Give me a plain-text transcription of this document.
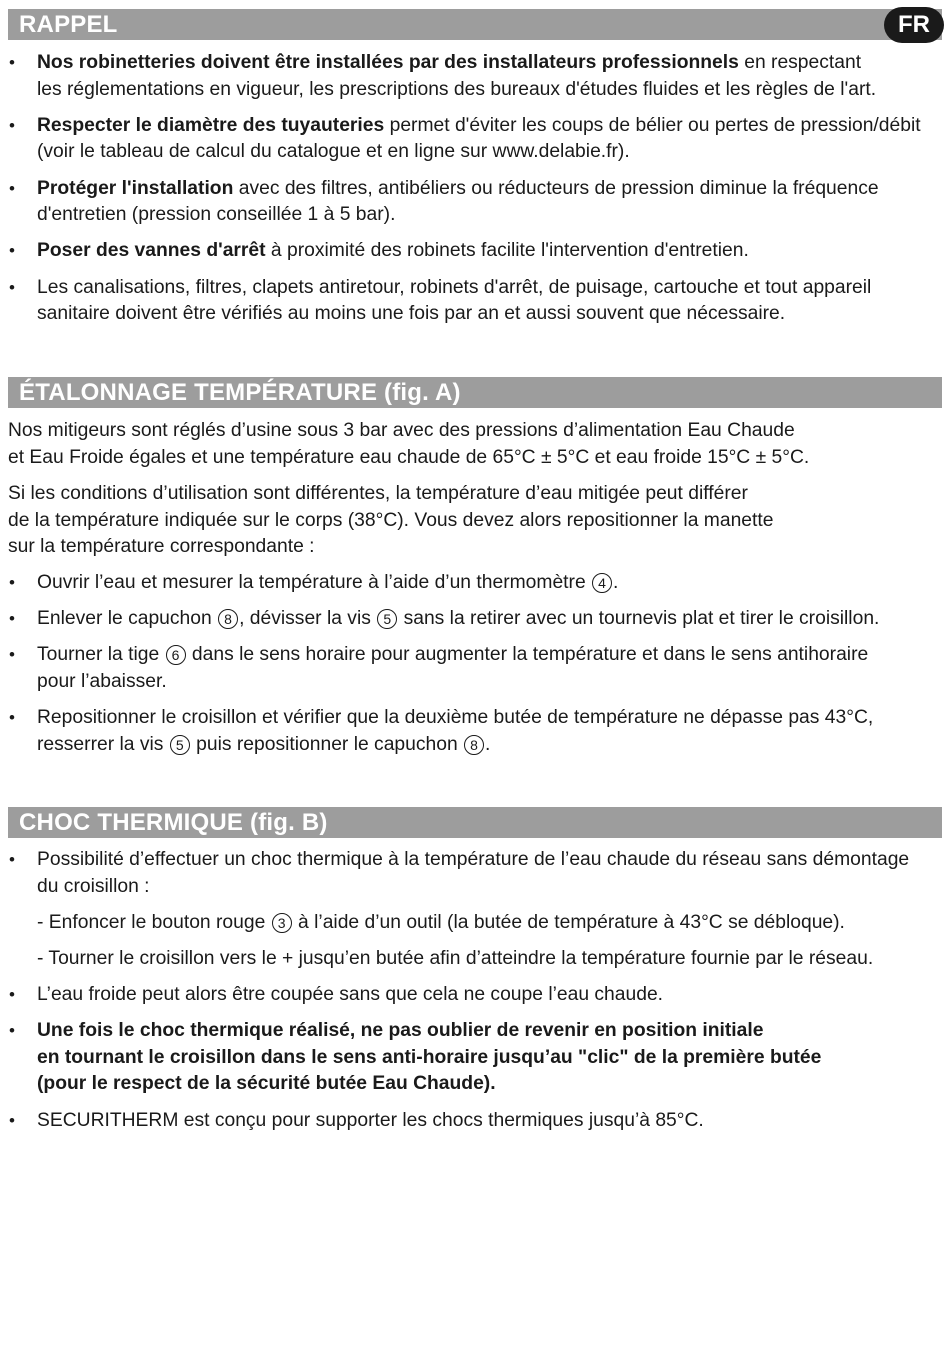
RAPPEL	FR
• Nos robinetteries doivent être installées par des installateurs professionnels en respectant
les réglementations en vigueur, les prescriptions des bureaux d'études fluides et les règles de l'art.
• Respecter le diamètre des tuyauteries permet d'éviter les coups de bélier ou pertes de pression/débit
(voir le tableau de calcul du catalogue et en ligne sur www.delabie.fr).
• Protéger l'installation avec des filtres, antibéliers ou réducteurs de pression diminue la fréquence
d'entretien (pression conseillée 1 à 5 bar).
• Poser des vannes d'arrêt à proximité des robinets facilite l'intervention d'entretien.
• Les canalisations, filtres, clapets antiretour, robinets d'arrêt, de puisage, cartouche et tout appareil
sanitaire doivent être vérifiés au moins une fois par an et aussi souvent que nécessaire.
ÉTALONNAGE TEMPÉRATURE (fig. A)

Nos mitigeurs sont réglés d’usine sous 3 bar avec des pressions d’alimentation Eau Chaude
et Eau Froide égales et une température eau chaude de 65°C ± 5°C et eau froide 15°C ± 5°C.

Si les conditions d’utilisation sont différentes, la température d’eau mitigée peut différer
de la température indiquée sur le corps (38°C). Vous devez alors repositionner la manette
sur la température correspondante :

• Ouvrir l’eau et mesurer la température à l’aide d’un thermomètre 4 .
• Enlever le capuchon 8 , dévisser la vis 5 sans la retirer avec un tournevis plat et tirer le croisillon.
• Tourner la tige 6 dans le sens horaire pour augmenter la température et dans le sens antihoraire
pour l’abaisser.
• Repositionner le croisillon et vérifier que la deuxième butée de température ne dépasse pas 43°C,
resserrer la vis 5 puis repositionner le capuchon 8 .
CHOC THERMIQUE (fig. B)
• Possibilité d’effectuer un choc thermique à la température de l’eau chaude du réseau sans démontage
du croisillon :
- Enfoncer le bouton rouge 3 à l’aide d’un outil (la butée de température à 43°C se débloque).
- Tourner le croisillon vers le + jusqu’en butée afin d’atteindre la température fournie par le réseau.
• L’eau froide peut alors être coupée sans que cela ne coupe l’eau chaude.
• Une fois le choc thermique réalisé, ne pas oublier de revenir en position initiale
en tournant le croisillon dans le sens anti-horaire jusqu’au "clic" de la première butée
(pour le respect de la sécurité butée Eau Chaude).
• SECURITHERM est conçu pour supporter les chocs thermiques jusqu’à 85°C.
